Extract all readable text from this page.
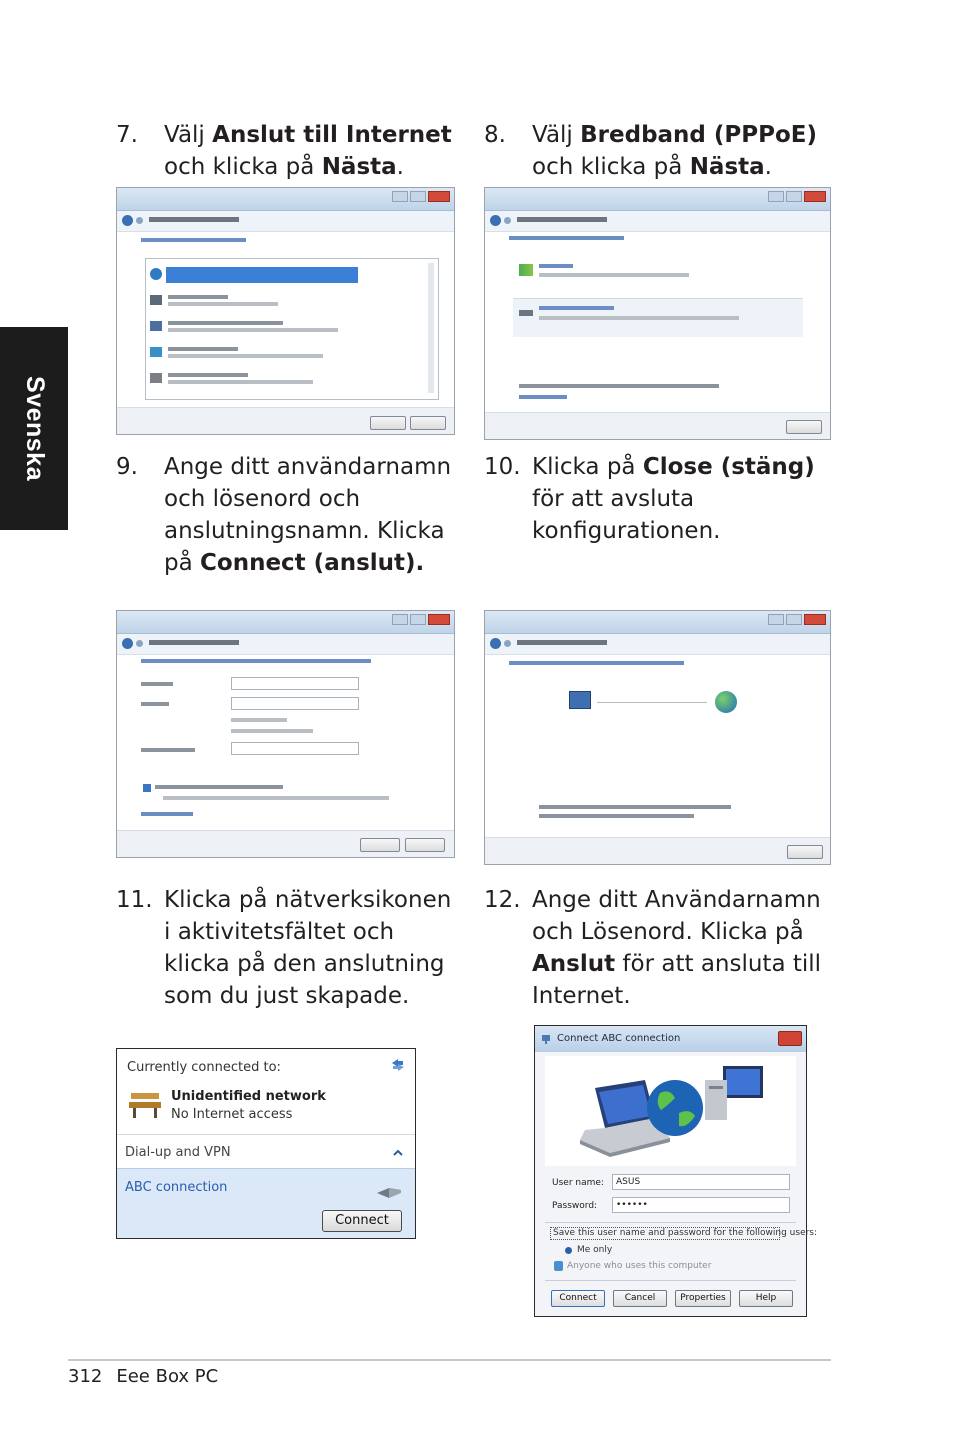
Svenska
7. Välj Anslut till Internet och klicka på Nästa.
8. Välj Bredband (PPPoE) och klicka på Nästa.
9. Ange ditt användarnamn och lösenord och anslutningsnamn. Klicka på Connect (anslut).
10. Klicka på Close (stäng) för att avsluta konfigurationen.
11. Klicka på nätverksikonen i aktivitetsfältet och klicka på den anslutning som du just skapade.
12. Ange ditt Användarnamn och Lösenord. Klicka på Anslut för att ansluta till Internet.
Currently connected to:
Unidentified network
No Internet access
Dial-up and VPN
ABC connection
Connect
Connect ABC connection
User name:	ASUS
Password:	••••••
Save this user name and password for the following users:
Me only
Anyone who uses this computer
Connect	Cancel	Properties	Help
312 Eee Box PC
